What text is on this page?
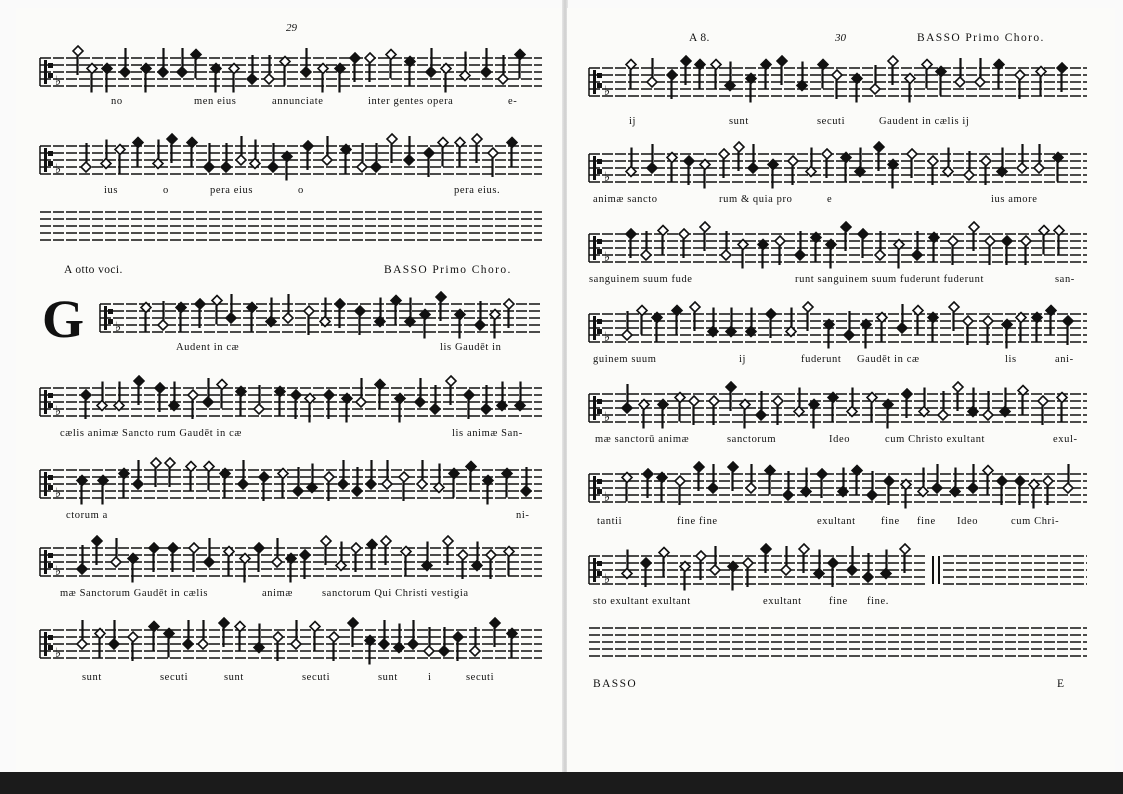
♭
♭
♭
♭
♭
♭
♭
29
no	men eius	annunciate	inter gentes opera	e-
ius	o	pera eius	o	pera eius.
A otto voci.	BASSO Primo Choro.
G	Audent in cæ	lis Gaudēt in
cælis animæ Sancto rum Gaudēt in cæ	lis animæ San-
ctorum a	ni-
mæ Sanctorum Gaudēt in cælis	animæ	sanctorum Qui Christi vestigia
sunt	secuti	sunt	secuti	sunt	i	secuti
♭
♭
♭
♭
♭
♭
♭
A 8.	30	BASSO Primo Choro.
ij	sunt	secuti	Gaudent in cælis ij
animæ sancto	rum & quia pro	e	ius amore
sanguinem suum fude	runt sanguinem suum fuderunt fuderunt	san-
guinem suum	ij	fuderunt Gaudēt in cæ	lis	ani-
mæ sanctorū animæ	sanctorum	Ideo	cum Christo exultant	exul-
tantii	fine fine	exultant fine fine Ideo	cum Chri-
sto exultant exultant	exultant	fine fine.
BASSO	E
